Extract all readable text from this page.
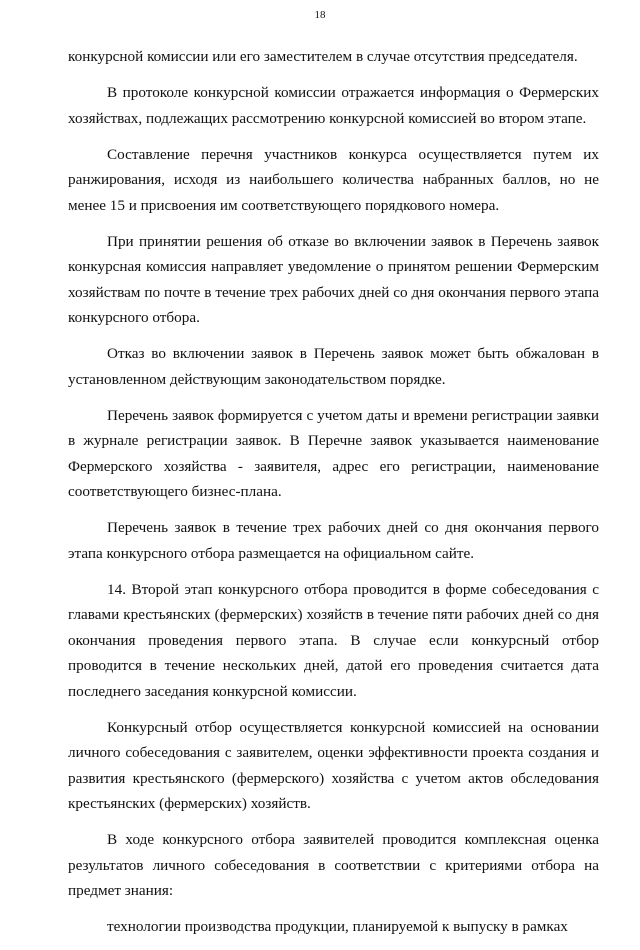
18

конкурсной комиссии или его заместителем в случае отсутствия председателя.

В протоколе конкурсной комиссии отражается информация о Фермерских хозяйствах, подлежащих рассмотрению конкурсной комиссией во втором этапе.

Составление перечня участников конкурса осуществляется путем их ранжирования, исходя из наибольшего количества набранных баллов, но не менее 15 и присвоения им соответствующего порядкового номера.

При принятии решения об отказе во включении заявок в Перечень заявок конкурсная комиссия направляет уведомление о принятом решении Фермерским хозяйствам по почте в течение трех рабочих дней со дня окончания первого этапа конкурсного отбора.

Отказ во включении заявок в Перечень заявок может быть обжалован в установленном действующим законодательством порядке.

Перечень заявок формируется с учетом даты и времени регистрации заявки в журнале регистрации заявок. В Перечне заявок указывается наименование Фермерского хозяйства - заявителя, адрес его регистрации, наименование соответствующего бизнес-плана.

Перечень заявок в течение трех рабочих дней со дня окончания первого этапа конкурсного отбора размещается на официальном сайте.

14. Второй этап конкурсного отбора проводится в форме собеседования с главами крестьянских (фермерских) хозяйств в течение пяти рабочих дней со дня окончания проведения первого этапа. В случае если конкурсный отбор проводится в течение нескольких дней, датой его проведения считается дата последнего заседания конкурсной комиссии.

Конкурсный отбор осуществляется конкурсной комиссией на основании личного собеседования с заявителем, оценки эффективности проекта создания и развития крестьянского (фермерского) хозяйства с учетом актов обследования крестьянских (фермерских) хозяйств.

В ходе конкурсного отбора заявителей проводится комплексная оценка результатов личного собеседования в соответствии с критериями отбора на предмет знания:

технологии производства продукции, планируемой к выпуску в рамках
